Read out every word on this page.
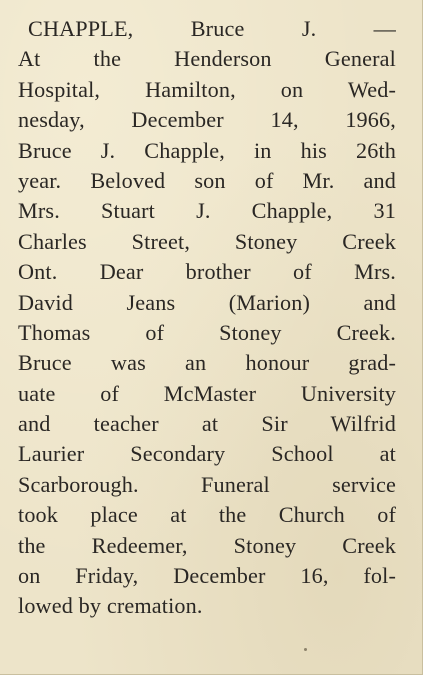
CHAPPLE, Bruce J. —
At the Henderson General
Hospital, Hamilton, on Wed-
nesday, December 14, 1966,
Bruce J. Chapple, in his 26th
year. Beloved son of Mr. and
Mrs. Stuart J. Chapple, 31
Charles Street, Stoney Creek
Ont. Dear brother of Mrs.
David Jeans (Marion) and
Thomas of Stoney Creek.
Bruce was an honour grad-
uate of McMaster University
and teacher at Sir Wilfrid
Laurier Secondary School at
Scarborough. Funeral service
took place at the Church of
the Redeemer, Stoney Creek
on Friday, December 16, fol-
lowed by cremation.
